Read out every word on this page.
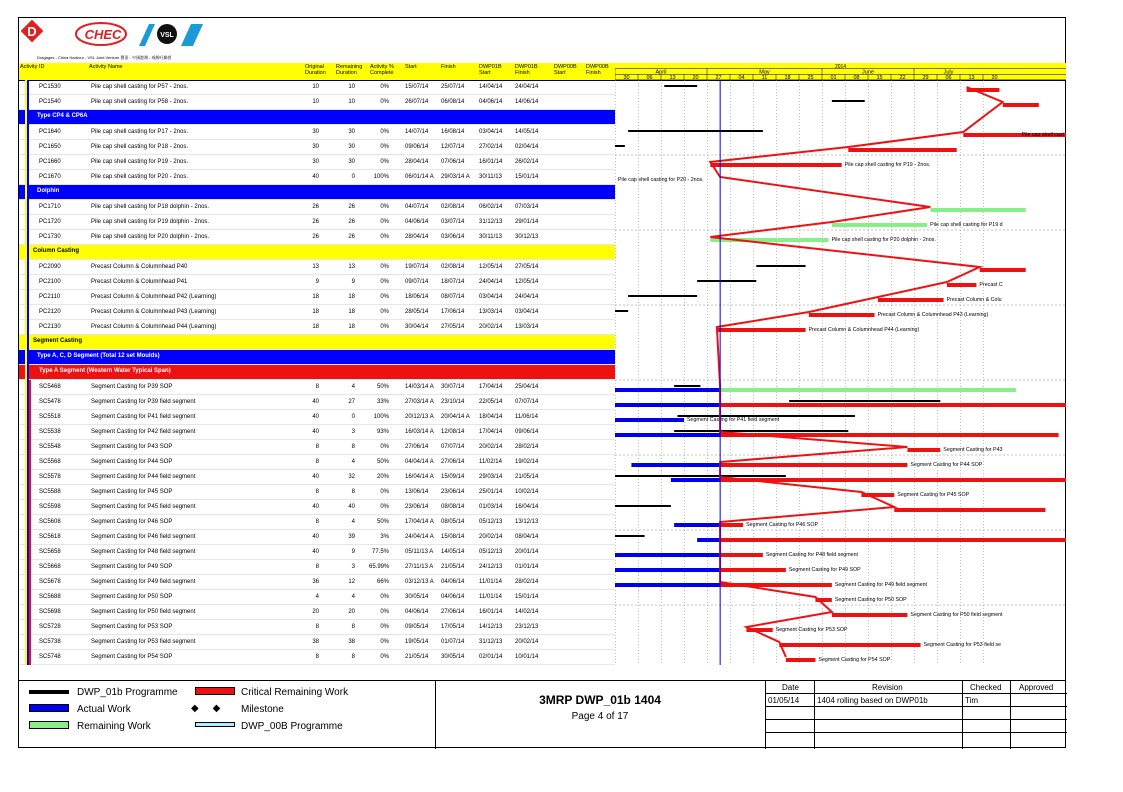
D	CHEC	VSL
Dragages - China Harbour - VSL Joint Venture 寶嘉 - 中國港灣 - 威勝旺聯營
Activity ID	Activity Name	Original
Duration
Remaining
Duration
Activity %
Complete
Start	Finish	DWP01B
Start
DWP01B
Finish
DWP00B
Start
DWP00B
Finish
PC1530	Pile cap shell casting for P57 - 2nos.	10	10	0%	15/07/14 25/07/14 14/04/14 24/04/14
PC1540	Pile cap shell casting for P58 - 2nos.	10	10	0%	26/07/14 06/08/14 04/06/14 14/06/14
Type CP4 & CP6A
PC1640	Pile cap shell casting for P17 - 2nos.	30	30	0%	14/07/14 16/08/14 03/04/14 14/05/14
PC1650	Pile cap shell casting for P18 - 2nos.	30	30	0%	09/06/14 12/07/14 27/02/14 02/04/14
PC1660	Pile cap shell casting for P19 - 2nos.	30	30	0%	28/04/14 07/06/14 16/01/14 26/02/14
PC1670	Pile cap shell casting for P20 - 2nos.	40	0	100%	06/01/14 A 29/03/14 A 30/11/13 15/01/14
Dolphin
PC1710	Pile cap shell casting for P18 dolphin - 2nos.	26	26	0%	04/07/14 02/08/14 06/02/14 07/03/14
PC1720	Pile cap shell casting for P19 dolphin - 2nos.	26	26	0%	04/06/14 03/07/14 31/12/13 29/01/14
PC1730	Pile cap shell casting for P20 dolphin - 2nos.	26	26	0%	28/04/14 03/06/14 30/11/13 30/12/13
Column Casting
PC2090	Precast Column & Columnhead P40	13	13	0%	19/07/14 02/08/14 12/05/14 27/05/14
PC2100	Precast Column & Columnhead P41	9	9	0%	09/07/14 18/07/14 24/04/14 12/05/14
PC2110	Precast Column & Columnhead P42 (Learning)	18	18	0%	18/06/14 08/07/14 03/04/14 24/04/14
PC2120	Precast Column & Columnhead P43 (Learning)	18	18	0%	28/05/14 17/06/14 13/03/14 03/04/14
PC2130	Precast Column & Columnhead P44 (Learning)	18	18	0%	30/04/14 27/05/14 20/02/14 13/03/14
Segment Casting
Type A, C, D Segment (Total 12 set Moulds)
Type A Segment (Western Water Typical Span)
SC5468	Segment Casting for P39 SOP	8	4	50%	14/03/14 A 30/07/14 17/04/14 25/04/14
SC5478	Segment Casting for P39 field segment	40	27	33%	27/03/14 A 23/10/14 22/05/14 07/07/14
SC5518	Segment Casting for P41 field segment	40	0	100%	20/12/13 A 20/04/14 A 18/04/14 11/06/14
SC5538	Segment Casting for P42 field segment	40	3	93%	16/03/14 A 12/08/14 17/04/14 09/06/14
SC5548	Segment Casting for P43 SOP	8	8	0%	27/06/14 07/07/14 20/02/14 28/02/14
SC5568	Segment Casting for P44 SOP	8	4	50%	04/04/14 A 27/06/14 11/02/14 19/02/14
SC5578	Segment Casting for P44 field segment	40	32	20%	16/04/14 A 15/09/14 29/03/14 21/05/14
SC5588	Segment Casting for P45 SOP	8	8	0%	13/06/14 23/06/14 25/01/14 10/02/14
SC5598	Segment Casting for P45 field segment	40	40	0%	23/06/14 08/08/14 01/03/14 16/04/14
SC5608	Segment Casting for P46 SOP	8	4	50%	17/04/14 A 08/05/14 05/12/13 13/12/13
SC5618	Segment Casting for P46 field segment	40	39	3%	24/04/14 A 15/08/14 20/02/14 08/04/14
SC5658	Segment Casting for P48 field segment	40	9	77.5%	05/11/13 A 14/05/14 05/12/13 20/01/14
SC5668	Segment Casting for P49 SOP	8	3 65.99%	27/11/13 A 21/05/14 24/12/13 01/01/14
SC5678	Segment Casting for P49 field segment	36	12	66%	03/12/13 A 04/06/14 11/01/14 28/02/14
SC5688	Segment Casting for P50 SOP	4	4	0%	30/05/14 04/06/14 11/01/14 15/01/14
SC5698	Segment Casting for P50 field segment	20	20	0%	04/06/14 27/06/14 16/01/14 14/02/14
SC5728	Segment Casting for P53 SOP	8	8	0%	09/05/14 17/05/14 14/12/13 23/12/13
SC5738	Segment Casting for P53 field segment	38	38	0%	19/05/14 01/07/14 31/12/13 20/02/14
SC5748	Segment Casting for P54 SOP	8	8	0%	21/05/14 30/05/14 02/01/14 10/01/14
2014
April	May	June	July
30	06	13	20	27	04	11	18	25	01	08	15	22	29	06	13	20
Pile cap shell cast
Pile cap shell casting for P19 - 2nos.
Pile cap shell casting for P20 - 2nos.
Pile cap shell casting for P19 d
Pile cap shell casting for P20 dolphin - 2nos.
Precast C
Precast Column & Colu
Precast Column & Columnhead P43 (Learning)
Precast Column & Columnhead P44 (Learning)
Segment Casting for P41 field segment
Segment Casting for P43
Segment Casting for P44 SOP
Segment Casting for P45 SOP
Segment Casting for P46 SOP
Segment Casting for P48 field segment
Segment Casting for P49 SOP
Segment Casting for P49 field segment
Segment Casting for P50 SOP
Segment Casting for P50 field segment
Segment Casting for P53 SOP
Segment Casting for P53 field se
Segment Casting for P54 SOP
DWP_01b Programme	Critical Remaining Work
Actual Work	◆     ◆ Milestone
Remaining Work	DWP_00B Programme
3MRP DWP_01b 1404
Page 4 of 17
Date	Revision	Checked Approved
01/05/14 1404 rolling based on DWP01b	Tim
